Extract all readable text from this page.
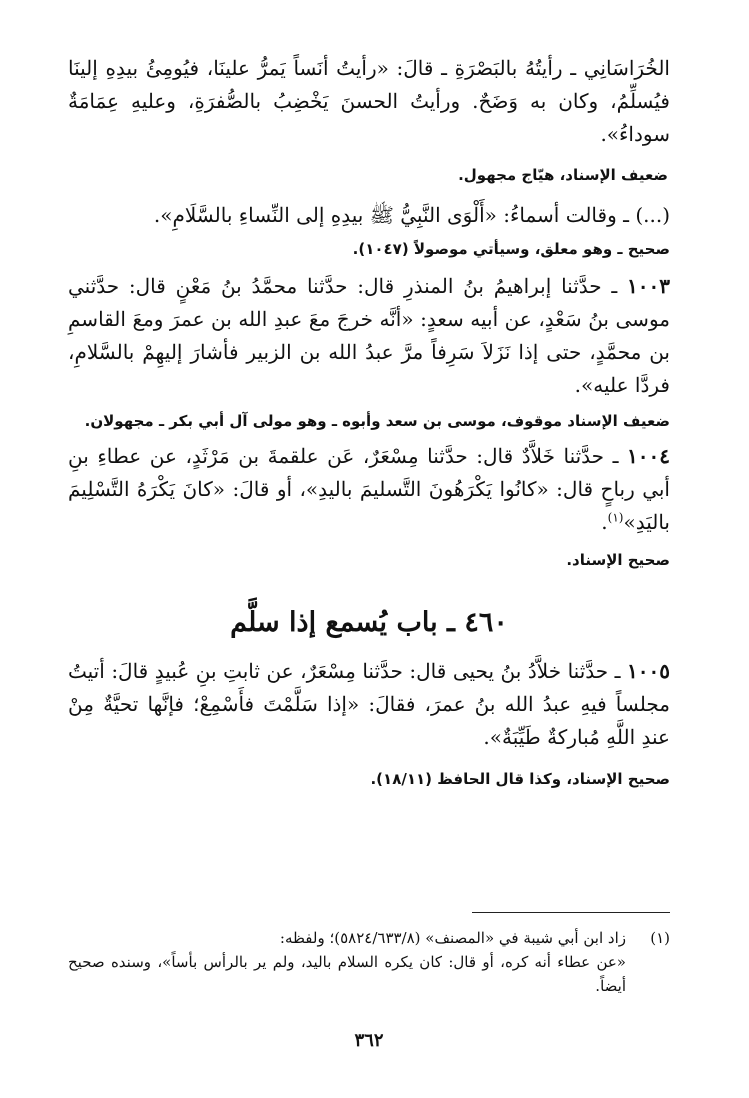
الخُرَاسَانِي ـ رأيتُهُ بالبَصْرَةِ ـ قالَ: «رأيتُ أنَساً يَمرُّ علينَا، فيُومِئُ بيدِهِ إلينَا فيُسلِّمُ، وكان به وَضَحٌ. ورأيتُ الحسنَ يَخْضِبُ بالصُّفرَةِ، وعليهِ عِمَامَةٌ سوداءُ».

ضعيف الإسناد، هيّاج مجهول.

(...) ـ وقالت أسماءُ: «أَلْوَى النَّبِيُّ ﷺ بيدِهِ إلى النِّساءِ بالسَّلَامِ».

صحيح ـ وهو معلق، وسيأتي موصولاً (١٠٤٧).

١٠٠٣ ـ حدَّثنا إبراهيمُ بنُ المنذرِ قال: حدَّثنا محمَّدُ بنُ مَعْنٍ قال: حدَّثني موسى بنُ سَعْدٍ، عن أبيه سعدٍ: «أنَّه خرجَ معَ عبدِ الله بن عمرَ ومعَ القاسمِ بن محمَّدٍ، حتى إذا نَزَلاَ سَرِفاً مرَّ عبدُ الله بن الزبير فأشارَ إليهِمْ بالسَّلامِ، فردَّا عليه».

ضعيف الإسناد موقوف، موسى بن سعد وأبوه ـ وهو مولى آل أبي بكر ـ مجهولان.

١٠٠٤ ـ حدَّثنا خَلاَّدٌ قال: حدَّثنا مِسْعَرٌ، عَن علقمةَ بن مَرْثَدٍ، عن عطاءِ بنِ أبي رباحٍ قال: «كانُوا يَكْرَهُونَ التَّسليمَ باليدِ»، أو قالَ: «كانَ يَكْرَهُ التَّسْلِيمَ باليَدِ»$^{(١)}$.

صحيح الإسناد.

٤٦٠ ـ باب يُسمع إذا سلَّم

١٠٠٥ ـ حدَّثنا خلاَّدُ بنُ يحيى قال: حدَّثنا مِسْعَرٌ، عن ثابتِ بنِ عُبيدٍ قالَ: أتيتُ مجلساً فيهِ عبدُ الله بنُ عمرَ، فقالَ: «إذا سَلَّمْتَ فأَسْمِعْ؛ فإنَّها تحيَّةٌ مِنْ عندِ اللَّهِ مُباركةٌ طَيِّبَةٌ».

صحيح الإسناد، وكذا قال الحافظ (١٨/١١).

(١)
زاد ابن أبي شيبة في «المصنف» (٥٨٢٤/٦٣٣/٨)؛ ولفظه:
«عن عطاء أنه كره، أو قال: كان يكره السلام باليد، ولم ير بالرأس بأساً»، وسنده صحيح أيضاً.
٣٦٢
